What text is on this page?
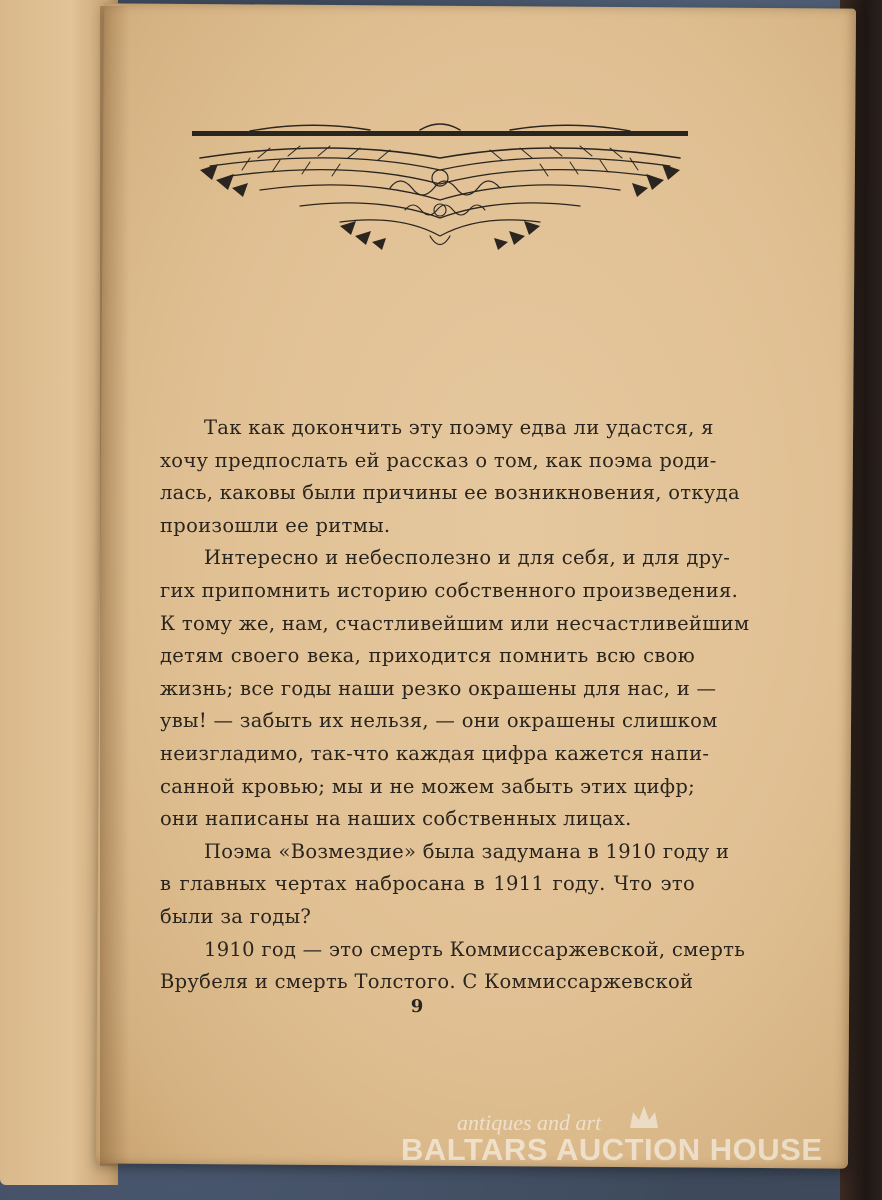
Так как докончить эту поэму едва ли удастся, я
хочу предпослать ей рассказ о том, как поэма роди-
лась, каковы были причины ее возникновения, откуда
произошли ее ритмы.

Интересно и небесполезно и для себя, и для дру-
гих припомнить историю собственного произведения.
К тому же, нам, счастливейшим или несчастливейшим
детям своего века, приходится помнить всю свою
жизнь; все годы наши резко окрашены для нас, и —
увы! — забыть их нельзя, — они окрашены слишком
неизгладимо, так-что каждая цифра кажется напи-
санной кровью; мы и не можем забыть этих цифр;
они написаны на наших собственных лицах.

Поэма «Возмездие» была задумана в 1910 году и
в главных чертах набросана в 1911 году. Что это
были за годы?

1910 год — это смерть Коммиссаржевской, смерть
Врубеля и смерть Толстого. С Коммиссаржевской

9
antiques and art
BALTARS AUCTION HOUSE
